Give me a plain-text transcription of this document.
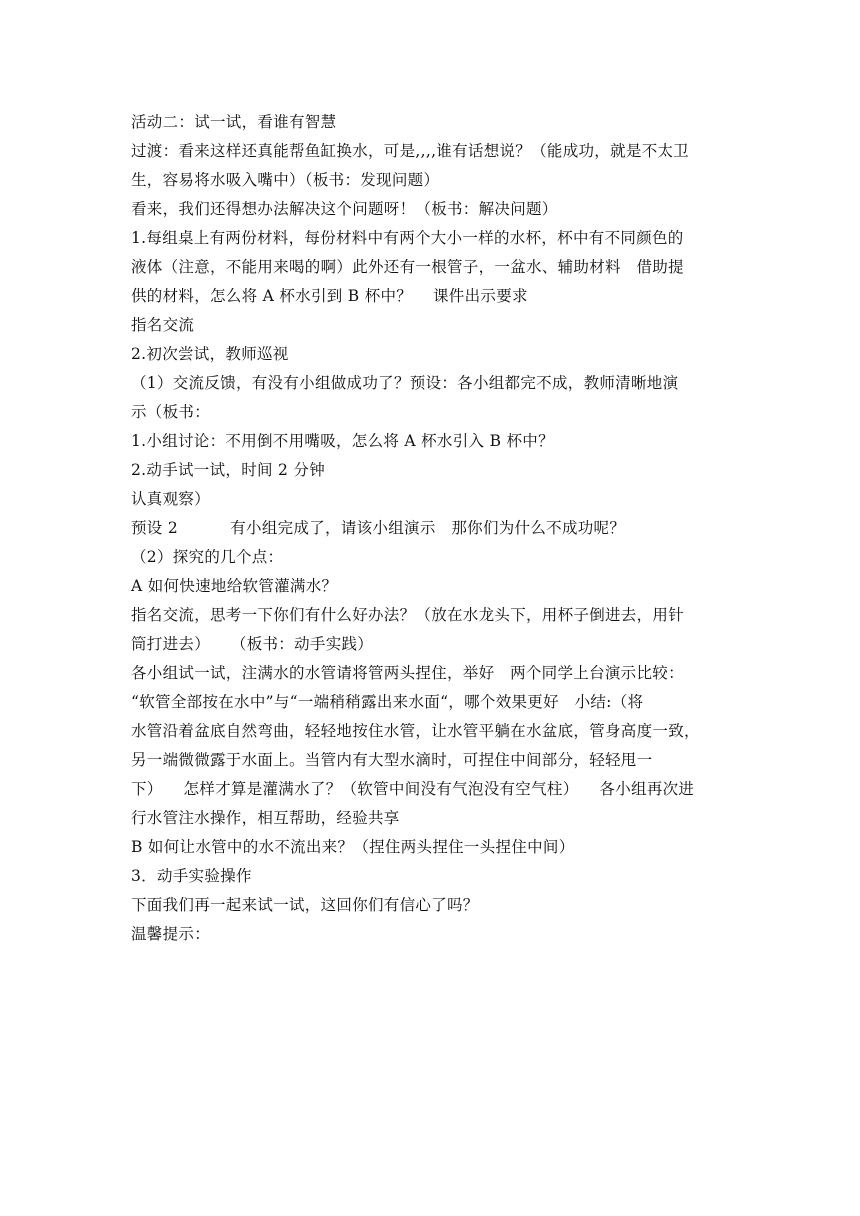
活动二：试一试，看谁有智慧
过渡：看来这样还真能帮鱼缸换水，可是,,,,谁有话想说？（能成功，就是不太卫
生，容易将水吸入嘴中）（板书：发现问题）
看来，我们还得想办法解决这个问题呀！（板书：解决问题）
1.每组桌上有两份材料，每份材料中有两个大小一样的水杯，杯中有不同颜色的
液体（注意，不能用来喝的啊）此外还有一根管子，一盆水、辅助材料   借助提
供的材料，怎么将 A 杯水引到 B 杯中？    课件出示要求
指名交流
2.初次尝试，教师巡视
（1）交流反馈，有没有小组做成功了？预设：各小组都完不成，教师清晰地演
示（板书：
1.小组讨论：不用倒不用嘴吸，怎么将 A 杯水引入 B 杯中？
2.动手试一试，时间 2 分钟
认真观察）
预设 2          有小组完成了，请该小组演示   那你们为什么不成功呢？
（2）探究的几个点：
A 如何快速地给软管灌满水？
指名交流，思考一下你们有什么好办法？（放在水龙头下，用杯子倒进去，用针
筒打进去）    （板书：动手实践）
各小组试一试，注满水的水管请将管两头捏住，举好   两个同学上台演示比较：
“软管全部按在水中”与“一端稍稍露出来水面“，哪个效果更好   小结:（将
水管沿着盆底自然弯曲，轻轻地按住水管，让水管平躺在水盆底，管身高度一致，
另一端微微露于水面上。当管内有大型水滴时，可捏住中间部分，轻轻甩一
下）    怎样才算是灌满水了？（软管中间没有气泡没有空气柱）    各小组再次进
行水管注水操作，相互帮助，经验共享
B 如何让水管中的水不流出来？（捏住两头捏住一头捏住中间）
3．动手实验操作
下面我们再一起来试一试，这回你们有信心了吗？
温馨提示：
